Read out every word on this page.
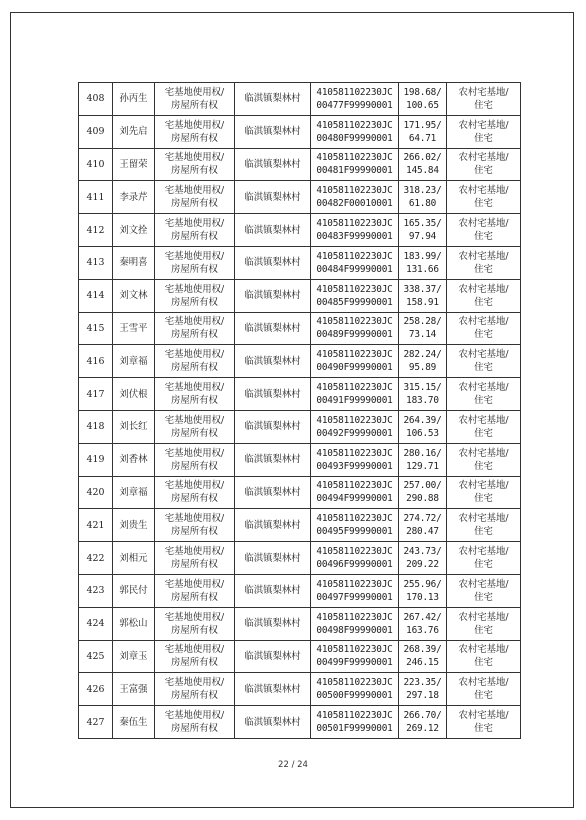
408	孙丙生	宅基地使用权/
房屋所有权	临淇镇梨林村	410581102230JC
00477F99990001	198.68/
100.65	农村宅基地/
住宅

409	刘先启	宅基地使用权/
房屋所有权	临淇镇梨林村	410581102230JC
00480F99990001	171.95/
64.71	农村宅基地/
住宅

410	王留荣	宅基地使用权/
房屋所有权	临淇镇梨林村	410581102230JC
00481F99990001	266.02/
145.84	农村宅基地/
住宅

411	李录芹	宅基地使用权/
房屋所有权	临淇镇梨林村	410581102230JC
00482F00010001	318.23/
61.80	农村宅基地/
住宅

412	刘文拴	宅基地使用权/
房屋所有权	临淇镇梨林村	410581102230JC
00483F99990001	165.35/
97.94	农村宅基地/
住宅

413	秦明喜	宅基地使用权/
房屋所有权	临淇镇梨林村	410581102230JC
00484F99990001	183.99/
131.66	农村宅基地/
住宅

414	刘文林	宅基地使用权/
房屋所有权	临淇镇梨林村	410581102230JC
00485F99990001	338.37/
158.91	农村宅基地/
住宅

415	王雪平	宅基地使用权/
房屋所有权	临淇镇梨林村	410581102230JC
00489F99990001	258.28/
73.14	农村宅基地/
住宅

416	刘章福	宅基地使用权/
房屋所有权	临淇镇梨林村	410581102230JC
00490F99990001	282.24/
95.89	农村宅基地/
住宅

417	刘伏根	宅基地使用权/
房屋所有权	临淇镇梨林村	410581102230JC
00491F99990001	315.15/
183.70	农村宅基地/
住宅

418	刘长红	宅基地使用权/
房屋所有权	临淇镇梨林村	410581102230JC
00492F99990001	264.39/
106.53	农村宅基地/
住宅

419	刘香林	宅基地使用权/
房屋所有权	临淇镇梨林村	410581102230JC
00493F99990001	280.16/
129.71	农村宅基地/
住宅

420	刘章福	宅基地使用权/
房屋所有权	临淇镇梨林村	410581102230JC
00494F99990001	257.00/
290.88	农村宅基地/
住宅

421	刘贵生	宅基地使用权/
房屋所有权	临淇镇梨林村	410581102230JC
00495F99990001	274.72/
280.47	农村宅基地/
住宅

422	刘相元	宅基地使用权/
房屋所有权	临淇镇梨林村	410581102230JC
00496F99990001	243.73/
209.22	农村宅基地/
住宅

423	郭民付	宅基地使用权/
房屋所有权	临淇镇梨林村	410581102230JC
00497F99990001	255.96/
170.13	农村宅基地/
住宅

424	郭松山	宅基地使用权/
房屋所有权	临淇镇梨林村	410581102230JC
00498F99990001	267.42/
163.76	农村宅基地/
住宅

425	刘章玉	宅基地使用权/
房屋所有权	临淇镇梨林村	410581102230JC
00499F99990001	268.39/
246.15	农村宅基地/
住宅

426	王富强	宅基地使用权/
房屋所有权	临淇镇梨林村	410581102230JC
00500F99990001	223.35/
297.18	农村宅基地/
住宅

427	秦伍生	宅基地使用权/
房屋所有权	临淇镇梨林村	410581102230JC
00501F99990001	266.70/
269.12	农村宅基地/
住宅
22 / 24
